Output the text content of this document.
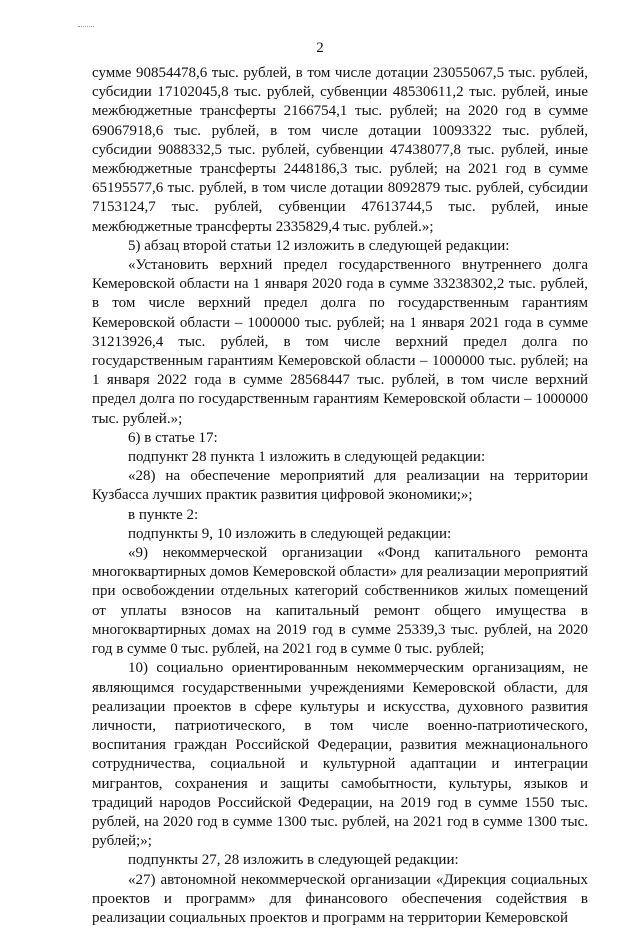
2

сумме 90854478,6 тыс. рублей, в том числе дотации 23055067,5 тыс. рублей, субсидии 17102045,8 тыс. рублей, субвенции 48530611,2 тыс. рублей, иные межбюджетные трансферты 2166754,1 тыс. рублей; на 2020 год в сумме 69067918,6 тыс. рублей, в том числе дотации 10093322 тыс. рублей, субсидии 9088332,5 тыс. рублей, субвенции 47438077,8 тыс. рублей, иные межбюджетные трансферты 2448186,3 тыс. рублей; на 2021 год в сумме 65195577,6 тыс. рублей, в том числе дотации 8092879 тыс. рублей, субсидии 7153124,7 тыс. рублей, субвенции 47613744,5 тыс. рублей, иные межбюджетные трансферты 2335829,4 тыс. рублей.»;

5) абзац второй статьи 12 изложить в следующей редакции:

«Установить верхний предел государственного внутреннего долга Кемеровской области на 1 января 2020 года в сумме 33238302,2 тыс. рублей, в том числе верхний предел долга по государственным гарантиям Кемеровской области – 1000000 тыс. рублей; на 1 января 2021 года в сумме 31213926,4 тыс. рублей, в том числе верхний предел долга по государственным гарантиям Кемеровской области – 1000000 тыс. рублей; на 1 января 2022 года в сумме 28568447 тыс. рублей, в том числе верхний предел долга по государственным гарантиям Кемеровской области – 1000000 тыс. рублей.»;

6) в статье 17:

подпункт 28 пункта 1 изложить в следующей редакции:

«28) на обеспечение мероприятий для реализации на территории Кузбасса лучших практик развития цифровой экономики;»;

в пункте 2:

подпункты 9, 10 изложить в следующей редакции:

«9) некоммерческой организации «Фонд капитального ремонта многоквартирных домов Кемеровской области» для реализации мероприятий при освобождении отдельных категорий собственников жилых помещений от уплаты взносов на капитальный ремонт общего имущества в многоквартирных домах на 2019 год в сумме 25339,3 тыс. рублей, на 2020 год в сумме 0 тыс. рублей, на 2021 год в сумме 0 тыс. рублей;

10) социально ориентированным некоммерческим организациям, не являющимся государственными учреждениями Кемеровской области, для реализации проектов в сфере культуры и искусства, духовного развития личности, патриотического, в том числе военно-патриотического, воспитания граждан Российской Федерации, развития межнационального сотрудничества, социальной и культурной адаптации и интеграции мигрантов, сохранения и защиты самобытности, культуры, языков и традиций народов Российской Федерации, на 2019 год в сумме 1550 тыс. рублей, на 2020 год в сумме 1300 тыс. рублей, на 2021 год в сумме 1300 тыс. рублей;»;

подпункты 27, 28 изложить в следующей редакции:

«27) автономной некоммерческой организации «Дирекция социальных проектов и программ» для финансового обеспечения содействия в реализации социальных проектов и программ на территории Кемеровской
